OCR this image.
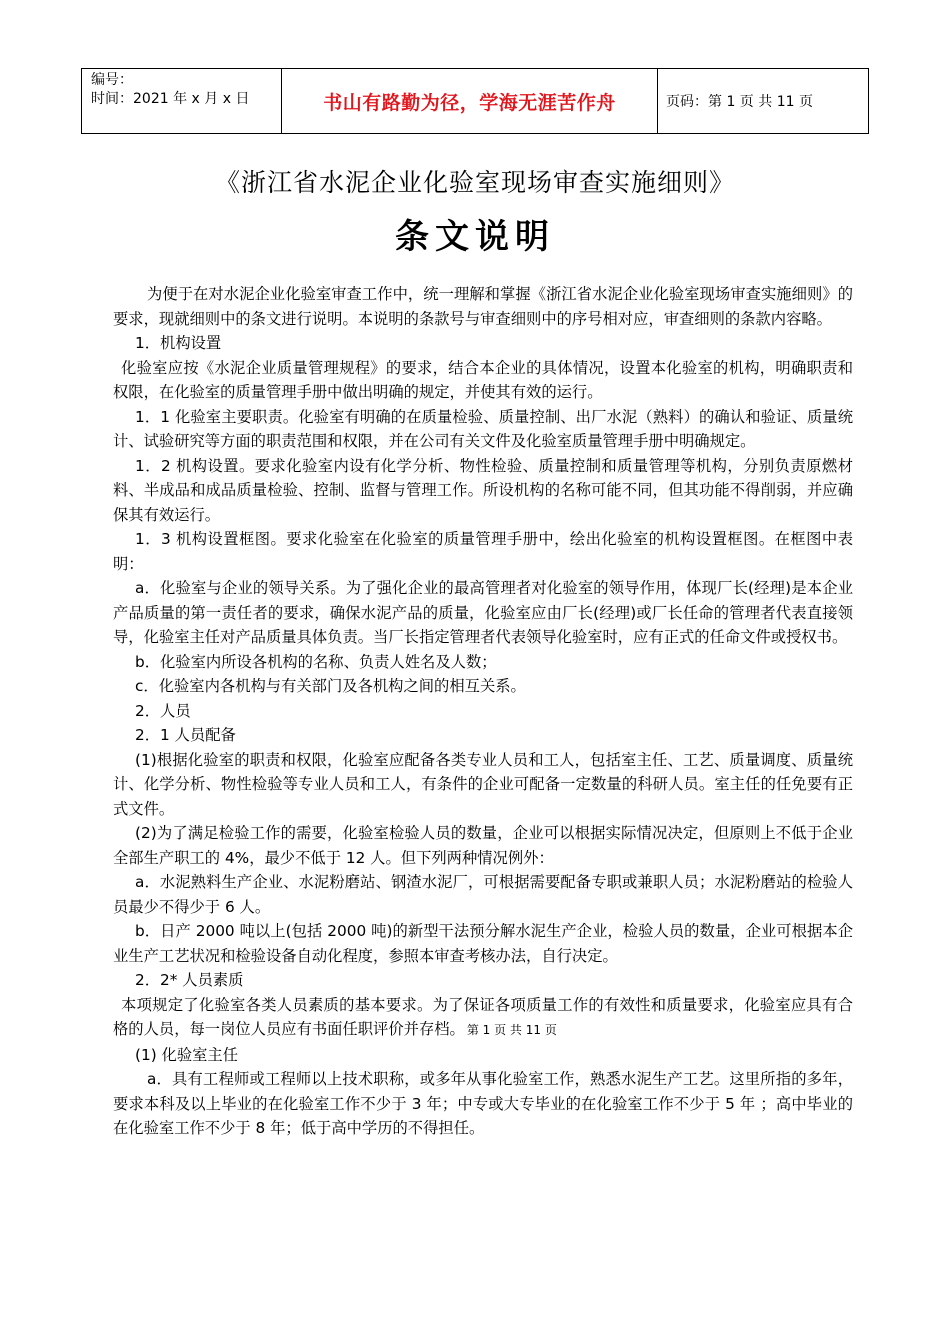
编号：
时间：2021 年 x 月 x 日	书山有路勤为径，学海无涯苦作舟	页码：第 1 页 共 11 页
《浙江省水泥企业化验室现场审查实施细则》
条文说明

为便于在对水泥企业化验室审查工作中，统一理解和掌握《浙江省水泥企业化验室现场审查实施细则》的要求，现就细则中的条文进行说明。本说明的条款号与审查细则中的序号相对应，审查细则的条款内容略。

1．机构设置

化验室应按《水泥企业质量管理规程》的要求，结合本企业的具体情况，设置本化验室的机构，明确职责和权限，在化验室的质量管理手册中做出明确的规定，并使其有效的运行。

1．1 化验室主要职责。化验室有明确的在质量检验、质量控制、出厂水泥（熟料）的确认和验证、质量统计、试验研究等方面的职责范围和权限，并在公司有关文件及化验室质量管理手册中明确规定。

1．2 机构设置。要求化验室内设有化学分析、物性检验、质量控制和质量管理等机构，分别负责原燃材料、半成品和成品质量检验、控制、监督与管理工作。所设机构的名称可能不同，但其功能不得削弱，并应确保其有效运行。

1．3 机构设置框图。要求化验室在化验室的质量管理手册中，绘出化验室的机构设置框图。在框图中表明：

a．化验室与企业的领导关系。为了强化企业的最高管理者对化验室的领导作用，体现厂长(经理)是本企业产品质量的第一责任者的要求，确保水泥产品的质量，化验室应由厂长(经理)或厂长任命的管理者代表直接领导，化验室主任对产品质量具体负责。当厂长指定管理者代表领导化验室时，应有正式的任命文件或授权书。

b．化验室内所设各机构的名称、负责人姓名及人数；

c．化验室内各机构与有关部门及各机构之间的相互关系。

2．人员

2．1 人员配备

(1)根据化验室的职责和权限，化验室应配备各类专业人员和工人，包括室主任、工艺、质量调度、质量统计、化学分析、物性检验等专业人员和工人，有条件的企业可配备一定数量的科研人员。室主任的任免要有正式文件。

(2)为了满足检验工作的需要，化验室检验人员的数量，企业可以根据实际情况决定，但原则上不低于企业全部生产职工的 4%，最少不低于 12 人。但下列两种情况例外：

a．水泥熟料生产企业、水泥粉磨站、钢渣水泥厂，可根据需要配备专职或兼职人员；水泥粉磨站的检验人员最少不得少于 6 人。

b．日产 2000 吨以上(包括 2000 吨)的新型干法预分解水泥生产企业，检验人员的数量，企业可根据本企业生产工艺状况和检验设备自动化程度，参照本审查考核办法，自行决定。

2．2* 人员素质

本项规定了化验室各类人员素质的基本要求。为了保证各项质量工作的有效性和质量要求，化验室应具有合格的人员，每一岗位人员应有书面任职评价并存档。 第 1 页 共 11 页

(1) 化验室主任

a．具有工程师或工程师以上技术职称，或多年从事化验室工作，熟悉水泥生产工艺。这里所指的多年，要求本科及以上毕业的在化验室工作不少于 3 年；中专或大专毕业的在化验室工作不少于 5 年 ；高中毕业的在化验室工作不少于 8 年；低于高中学历的不得担任。
